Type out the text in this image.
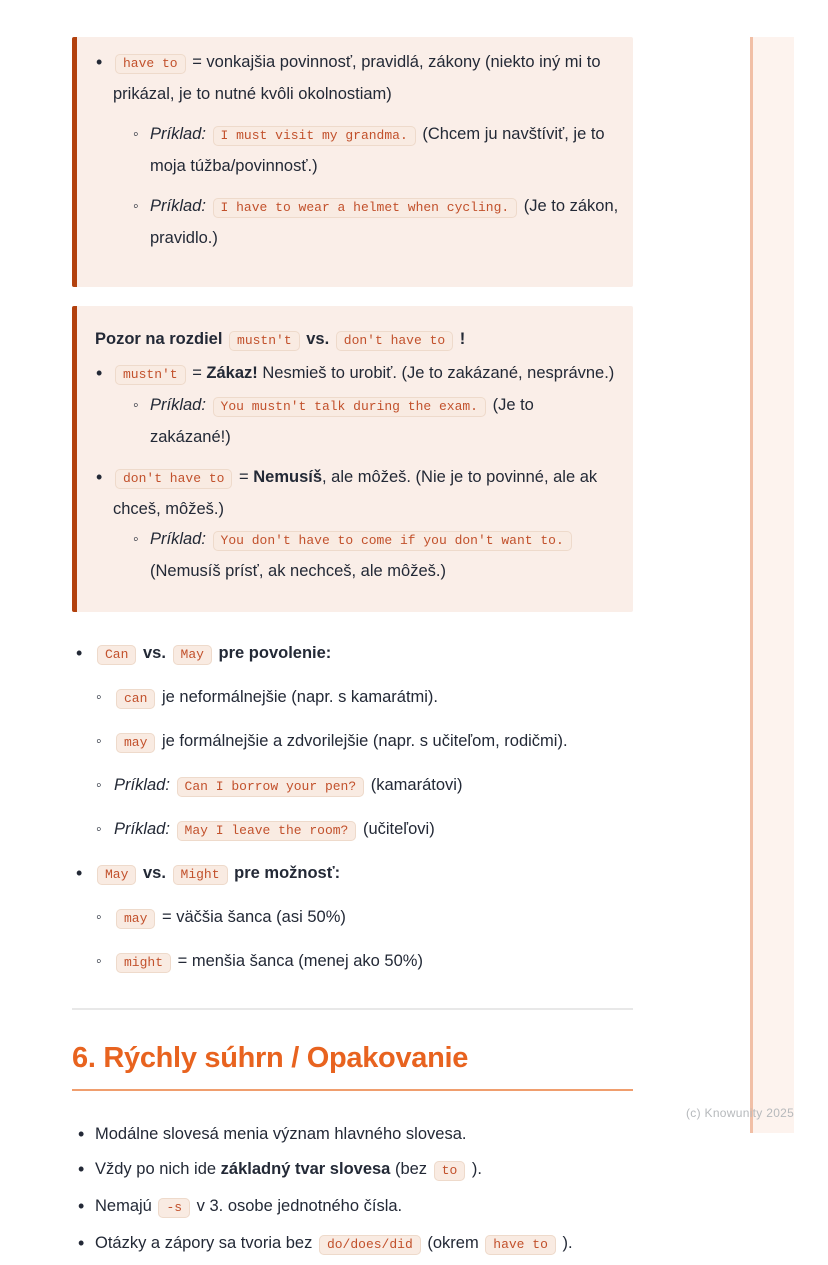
(c) Knowunity 2025
•
have to = vonkajšia povinnosť, pravidlá, zákony (niekto iný mi to prikázal, je to nutné kvôli okolnostiam)
◦
Príklad: I must visit my grandma. (Chcem ju navštíviť, je to moja túžba/povinnosť.)
◦
Príklad: I have to wear a helmet when cycling. (Je to zákon, pravidlo.)

Pozor na rozdiel mustn't vs. don't have to !

•
mustn't = Zákaz! Nesmieš to urobiť. (Je to zakázané, nesprávne.)
◦
Príklad: You mustn't talk during the exam. (Je to zakázané!)
•
don't have to = Nemusíš, ale môžeš. (Nie je to povinné, ale ak chceš, môžeš.)
◦
Príklad: You don't have to come if you don't want to. (Nemusíš prísť, ak nechceš, ale môžeš.)
•
Can vs. May pre povolenie:
◦
can je neformálnejšie (napr. s kamarátmi).
◦
may je formálnejšie a zdvorilejšie (napr. s učiteľom, rodičmi).
◦
Príklad: Can I borrow your pen? (kamarátovi)
◦
Príklad: May I leave the room? (učiteľovi)
•
May vs. Might pre možnosť:
◦
may = väčšia šanca (asi 50%)
◦
might = menšia šanca (menej ako 50%)
6. Rýchly súhrn / Opakovanie
•
Modálne slovesá menia význam hlavného slovesa.
•
Vždy po nich ide základný tvar slovesa (bez to ).
•
Nemajú -s v 3. osobe jednotného čísla.
•
Otázky a zápory sa tvoria bez do/does/did (okrem have to ).
